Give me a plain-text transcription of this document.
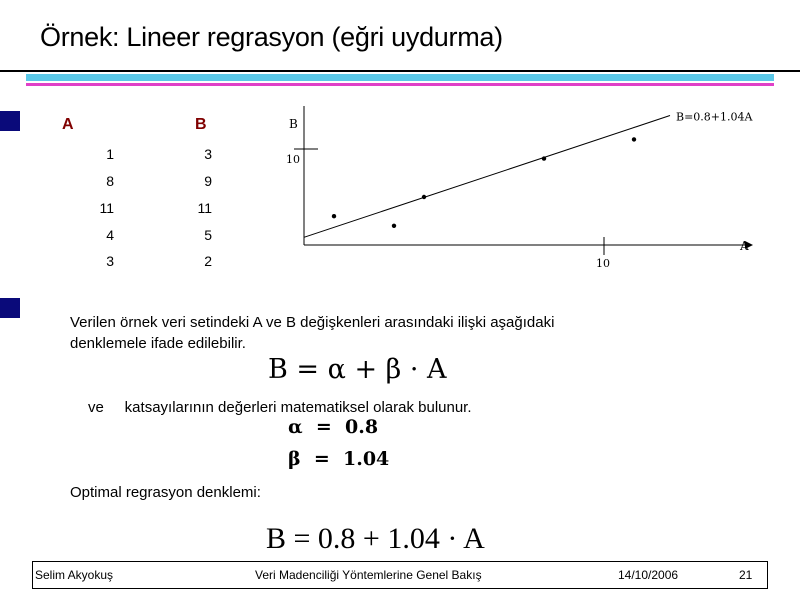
Örnek: Lineer regrasyon (eğri uydurma)
A	B
1	3
8	9
11	11
4	5
3	2
10
10
B
A
B=0.8+1.04A
Verilen örnek veri setindeki A ve B değişkenleri arasındaki ilişki aşağıdaki
denklemele ifade edilebilir.
B = α + β · A
ve     katsayılarının değerleri matematiksel olarak bulunur.
α  =  0.8
β  =  1.04
Optimal regrasyon denklemi:
B = 0.8 + 1.04 · A
Selim Akyokuş	Veri Madenciliği Yöntemlerine Genel Bakış	14/10/2006	21
